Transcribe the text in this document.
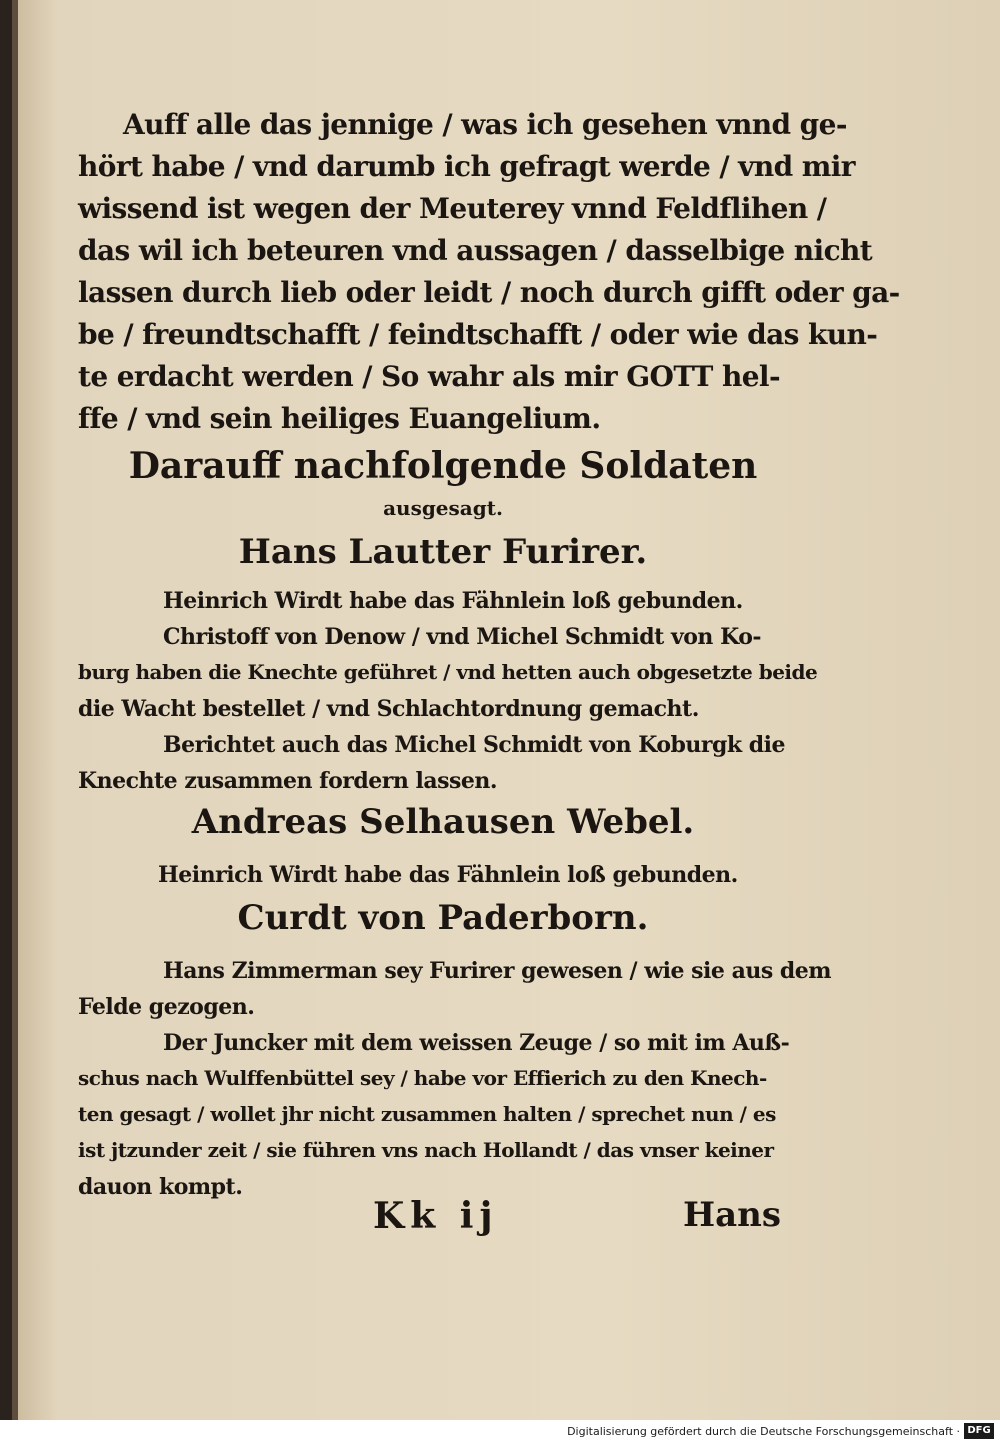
Auff alle das jennige / was ich gesehen vnnd ge-
hört habe / vnd darumb ich gefragt werde / vnd mir
wissend ist wegen der Meuterey vnnd Feldflihen /
das wil ich beteuren vnd aussagen / dasselbige nicht
lassen durch lieb oder leidt / noch durch gifft oder ga-
be / freundtschafft / feindtschafft / oder wie das kun-
te erdacht werden / So wahr als mir GOTT hel-
ffe / vnd sein heiliges Euangelium.
Darauff nachfolgende Soldaten
ausgesagt.
Hans Lautter Furirer.
Heinrich Wirdt habe das Fähnlein loß gebunden.
Christoff von Denow / vnd Michel Schmidt von Ko-
burg haben die Knechte geführet / vnd hetten auch obgesetzte beide
die Wacht bestellet / vnd Schlachtordnung gemacht.
Berichtet auch das Michel Schmidt von Koburgk die
Knechte zusammen fordern lassen.
Andreas Selhausen Webel.
Heinrich Wirdt habe das Fähnlein loß gebunden.
Curdt von Paderborn.
Hans Zimmerman sey Furirer gewesen / wie sie aus dem
Felde gezogen.
Der Juncker mit dem weissen Zeuge / so mit im Auß-
schus nach Wulffenbüttel sey / habe vor Effierich zu den Knech-
ten gesagt / wollet jhr nicht zusammen halten / sprechet nun / es
ist jtzunder zeit / sie führen vns nach Hollandt / das vnser keiner
dauon kompt.
Kk ij	Hans
Digitalisierung gefördert durch die Deutsche Forschungsgemeinschaft · DFG
